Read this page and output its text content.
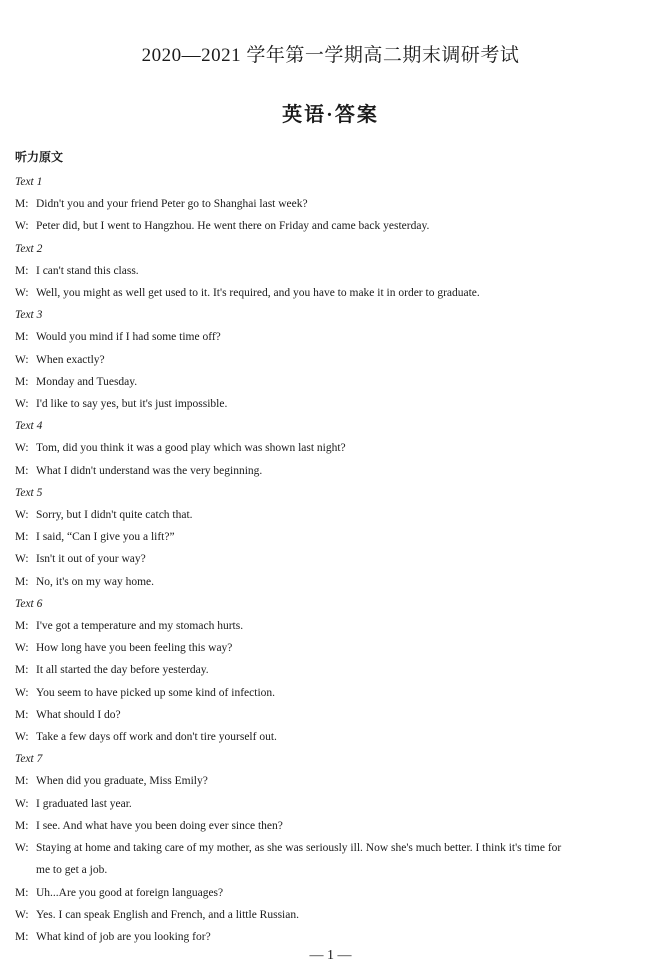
2020—2021 学年第一学期高二期末调研考试
英语·答案
听力原文
Text 1
M: Didn't you and your friend Peter go to Shanghai last week?
W: Peter did, but I went to Hangzhou. He went there on Friday and came back yesterday.
Text 2
M: I can't stand this class.
W: Well, you might as well get used to it. It's required, and you have to make it in order to graduate.
Text 3
M: Would you mind if I had some time off?
W: When exactly?
M: Monday and Tuesday.
W: I'd like to say yes, but it's just impossible.
Text 4
W: Tom, did you think it was a good play which was shown last night?
M: What I didn't understand was the very beginning.
Text 5
W: Sorry, but I didn't quite catch that.
M: I said, “Can I give you a lift?”
W: Isn't it out of your way?
M: No, it's on my way home.
Text 6
M: I've got a temperature and my stomach hurts.
W: How long have you been feeling this way?
M: It all started the day before yesterday.
W: You seem to have picked up some kind of infection.
M: What should I do?
W: Take a few days off work and don't tire yourself out.
Text 7
M: When did you graduate, Miss Emily?
W: I graduated last year.
M: I see. And what have you been doing ever since then?
W: Staying at home and taking care of my mother, as she was seriously ill. Now she's much better. I think it's time for
me to get a job.
M: Uh...Are you good at foreign languages?
W: Yes. I can speak English and French, and a little Russian.
M: What kind of job are you looking for?
— 1 —
